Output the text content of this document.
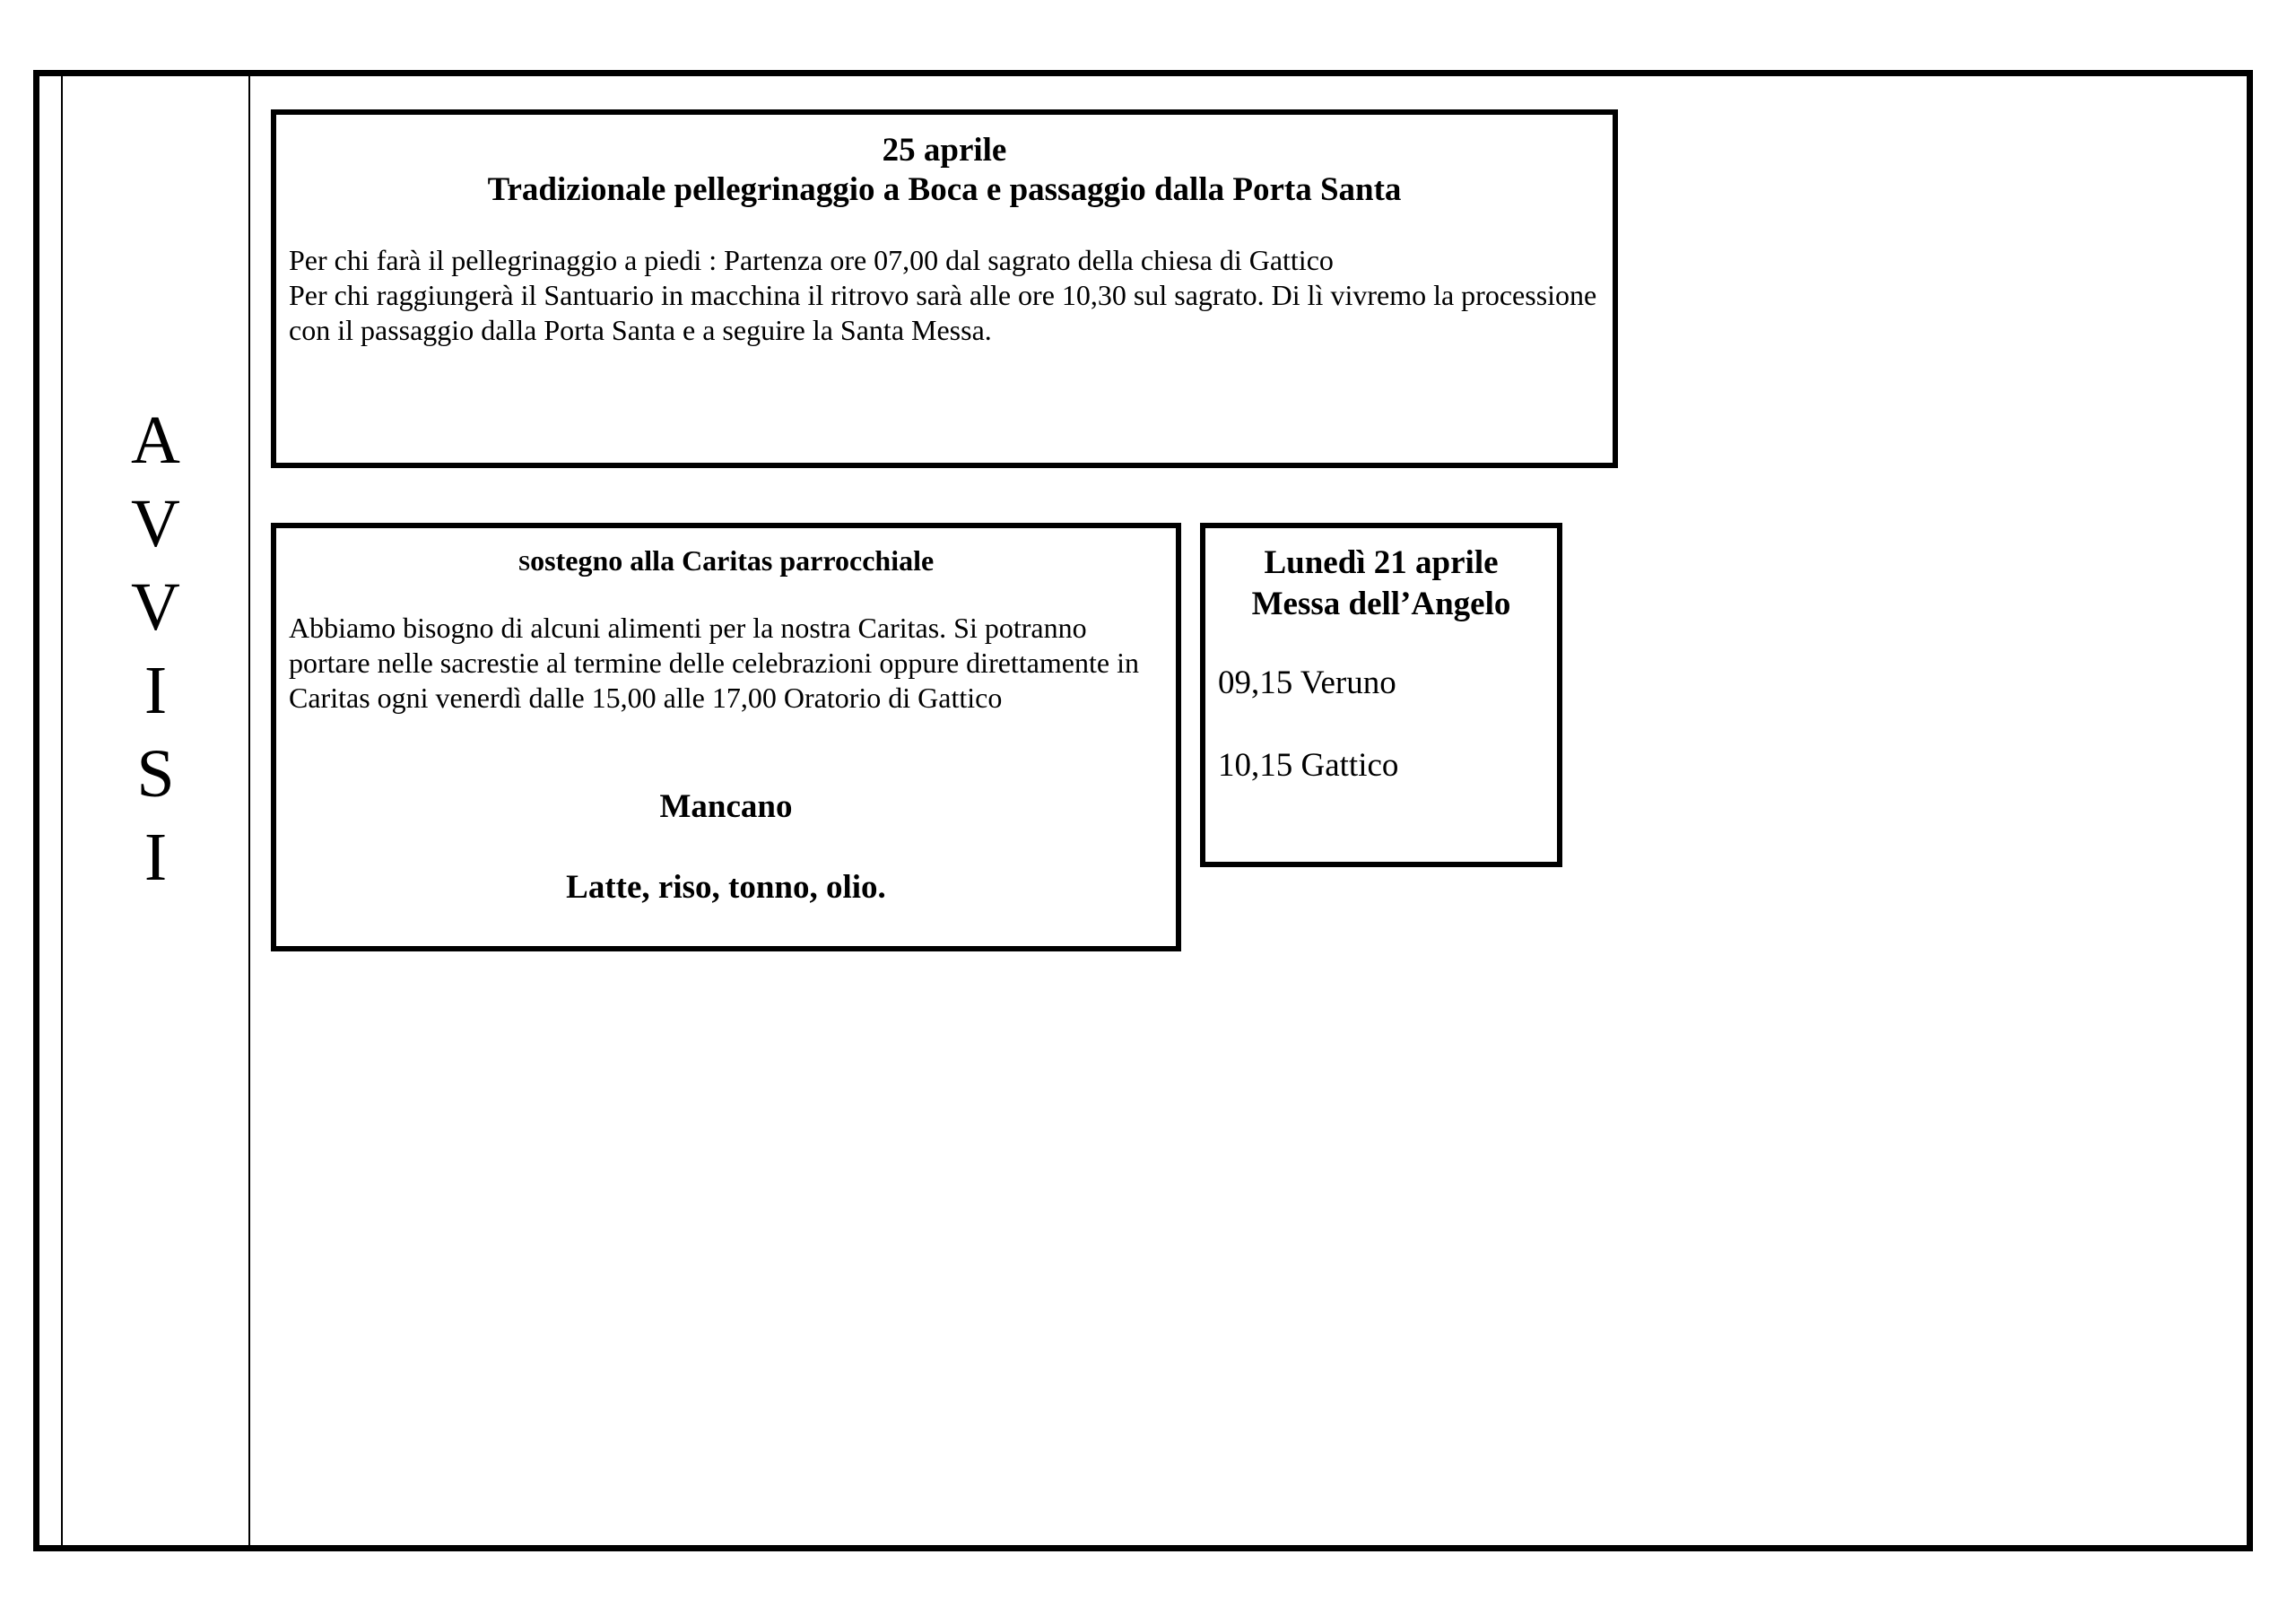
A
V
V
I
S
I
25 aprile
Tradizionale pellegrinaggio a Boca e passaggio dalla Porta Santa

Per chi farà il pellegrinaggio a piedi : Partenza ore 07,00 dal sagrato della chiesa di Gattico

Per chi raggiungerà il Santuario in macchina il ritrovo sarà alle ore 10,30 sul sagrato. Di lì vivremo la processione con il passaggio dalla Porta Santa e a seguire la Santa Messa.

Sostegno alla Caritas parrocchiale

Abbiamo bisogno di alcuni alimenti per la nostra Caritas. Si potranno portare nelle sacrestie al termine delle celebrazioni oppure direttamente in Caritas ogni venerdì dalle 15,00 alle 17,00 Oratorio di Gattico

Mancano
Latte, riso, tonno, olio.
Lunedì 21 aprile
Messa dell’Angelo
09,15 Veruno
10,15 Gattico
